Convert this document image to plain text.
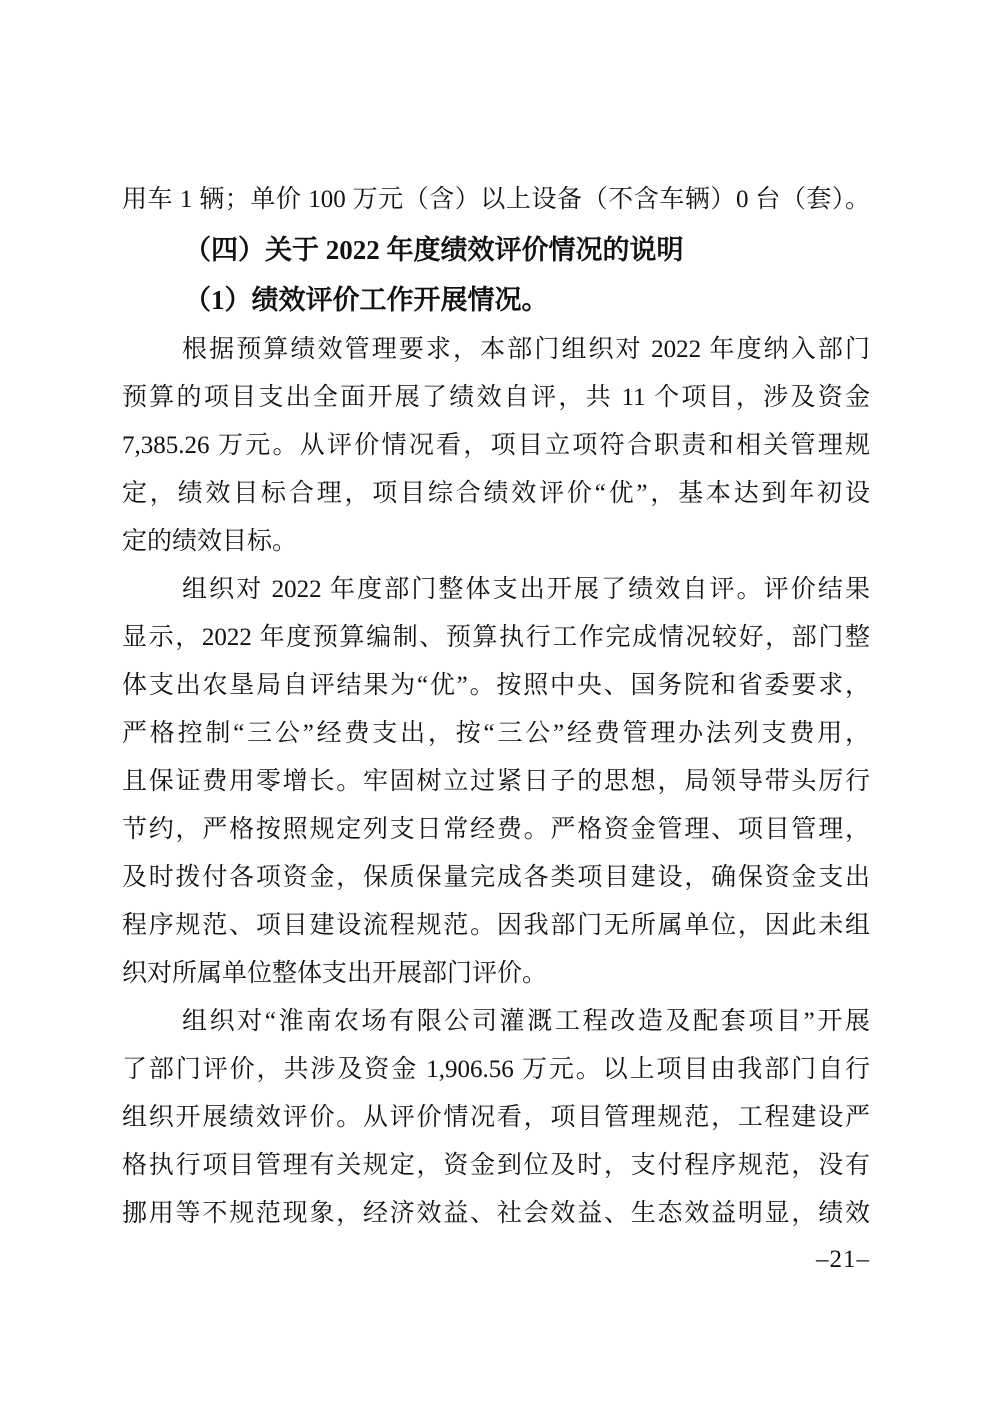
用车 1 辆；单价 100 万元（含）以上设备（不含车辆）0 台（套）。
（四）关于 2022 年度绩效评价情况的说明
（1）绩效评价工作开展情况。
根据预算绩效管理要求，本部门组织对 2022 年度纳入部门
预算的项目支出全面开展了绩效自评，共 11 个项目，涉及资金
7,385.26 万元。从评价情况看，项目立项符合职责和相关管理规
定，绩效目标合理，项目综合绩效评价“优”，基本达到年初设
定的绩效目标。
组织对 2022 年度部门整体支出开展了绩效自评。评价结果
显示，2022 年度预算编制、预算执行工作完成情况较好，部门整
体支出农垦局自评结果为“优”。按照中央、国务院和省委要求，
严格控制“三公”经费支出，按“三公”经费管理办法列支费用，
且保证费用零增长。牢固树立过紧日子的思想，局领导带头厉行
节约，严格按照规定列支日常经费。严格资金管理、项目管理，
及时拨付各项资金，保质保量完成各类项目建设，确保资金支出
程序规范、项目建设流程规范。因我部门无所属单位，因此未组
织对所属单位整体支出开展部门评价。
组织对“淮南农场有限公司灌溉工程改造及配套项目”开展
了部门评价，共涉及资金 1,906.56 万元。以上项目由我部门自行
组织开展绩效评价。从评价情况看，项目管理规范，工程建设严
格执行项目管理有关规定，资金到位及时，支付程序规范，没有
挪用等不规范现象，经济效益、社会效益、生态效益明显，绩效
–21–
